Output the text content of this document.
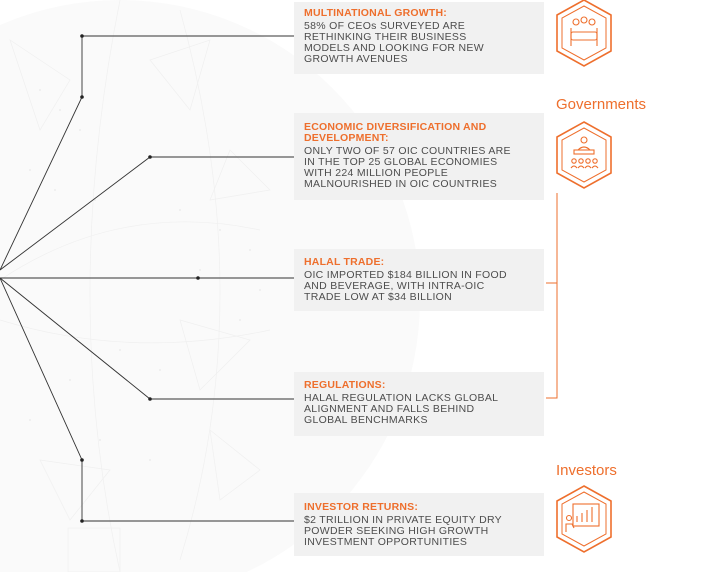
Governments
Investors
MULTINATIONAL GROWTH:
58% OF CEOs SURVEYED ARE
RETHINKING THEIR BUSINESS
MODELS AND LOOKING FOR NEW
GROWTH AVENUES
ECONOMIC DIVERSIFICATION AND
DEVELOPMENT:
ONLY TWO OF 57 OIC COUNTRIES ARE
IN THE TOP 25 GLOBAL ECONOMIES
WITH 224 MILLION PEOPLE
MALNOURISHED IN OIC COUNTRIES
HALAL TRADE:
OIC IMPORTED $184 BILLION IN FOOD
AND BEVERAGE, WITH INTRA-OIC
TRADE LOW AT $34 BILLION
REGULATIONS:
HALAL REGULATION LACKS GLOBAL
ALIGNMENT AND FALLS BEHIND
GLOBAL BENCHMARKS
INVESTOR RETURNS:
$2 TRILLION IN PRIVATE EQUITY DRY
POWDER SEEKING HIGH GROWTH
INVESTMENT OPPORTUNITIES
